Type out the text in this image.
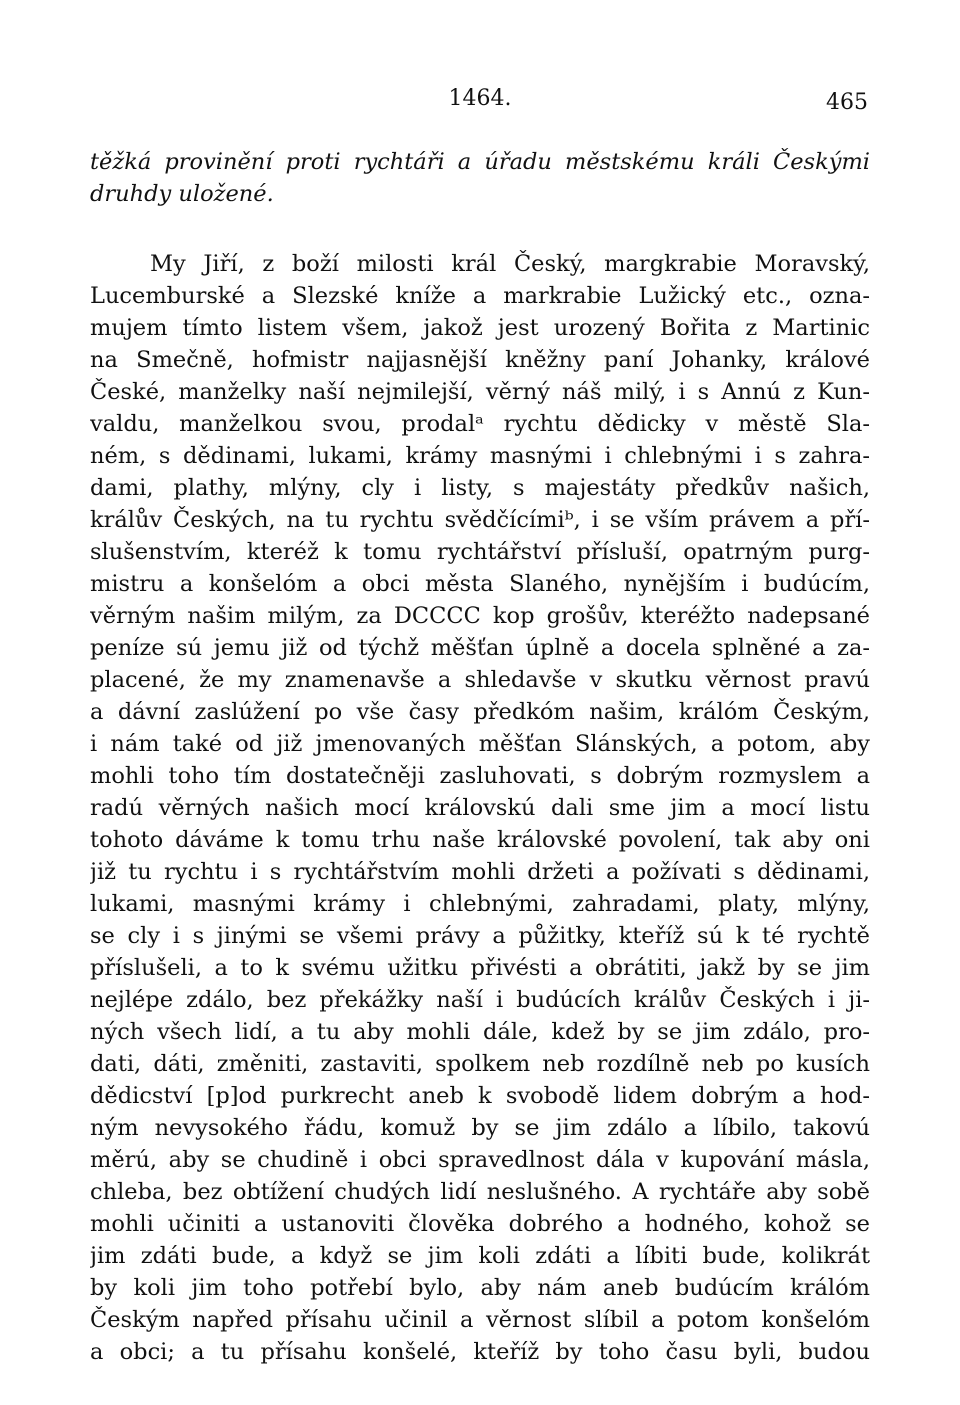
1464.	465
těžká provinění proti rychtáři a úřadu městskému králi Českými
druhdy uložené.
My Jiří, z boží milosti král Český, margkrabie Moravský,
Lucemburské a Slezské kníže a markrabie Lužický etc., ozna-
mujem tímto listem všem, jakož jest urozený Bořita z Martinic
na Smečně, hofmistr najjasnější kněžny paní Johanky, králové
České, manželky naší nejmilejší, věrný náš milý, i s Annú z Kun-
valdu, manželkou svou, prodalᵃ rychtu dědicky v městě Sla-
ném, s dědinami, lukami, krámy masnými i chlebnými i s zahra-
dami, plathy, mlýny, cly i listy, s majestáty předkův našich,
králův Českých, na tu rychtu svědčícímiᵇ, i se vším právem a pří-
slušenstvím, kteréž k tomu rychtářství přísluší, opatrným purg-
mistru a konšelóm a obci města Slaného, nynějším i budúcím,
věrným našim milým, za DCCCC kop grošův, kteréžto nadepsané
peníze sú jemu již od týchž měšťan úplně a docela splněné a za-
placené, že my znamenavše a shledavše v skutku věrnost pravú
a dávní zaslúžení po vše časy předkóm našim, králóm Českým,
i nám také od již jmenovaných měšťan Slánských, a potom, aby
mohli toho tím dostatečněji zasluhovati, s dobrým rozmyslem a
radú věrných našich mocí královskú dali sme jim a mocí listu
tohoto dáváme k tomu trhu naše královské povolení, tak aby oni
již tu rychtu i s rychtářstvím mohli držeti a požívati s dědinami,
lukami, masnými krámy i chlebnými, zahradami, platy, mlýny,
se cly i s jinými se všemi právy a půžitky, kteříž sú k té rychtě
příslušeli, a to k svému užitku přivésti a obrátiti, jakž by se jim
nejlépe zdálo, bez překážky naší i budúcích králův Českých i ji-
ných všech lidí, a tu aby mohli dále, kdež by se jim zdálo, pro-
dati, dáti, změniti, zastaviti, spolkem neb rozdílně neb po kusích
dědicství [p]od purkrecht aneb k svobodě lidem dobrým a hod-
ným nevysokého řádu, komuž by se jim zdálo a líbilo, takovú
měrú, aby se chudině i obci spravedlnost dála v kupování másla,
chleba, bez obtížení chudých lidí neslušného. A rychtáře aby sobě
mohli učiniti a ustanoviti člověka dobrého a hodného, kohož se
jim zdáti bude, a když se jim koli zdáti a líbiti bude, kolikrát
by koli jim toho potřebí bylo, aby nám aneb budúcím králóm
Českým napřed přísahu učinil a věrnost slíbil a potom konšelóm
a obci; a tu přísahu konšelé, kteříž by toho času byli, budou
